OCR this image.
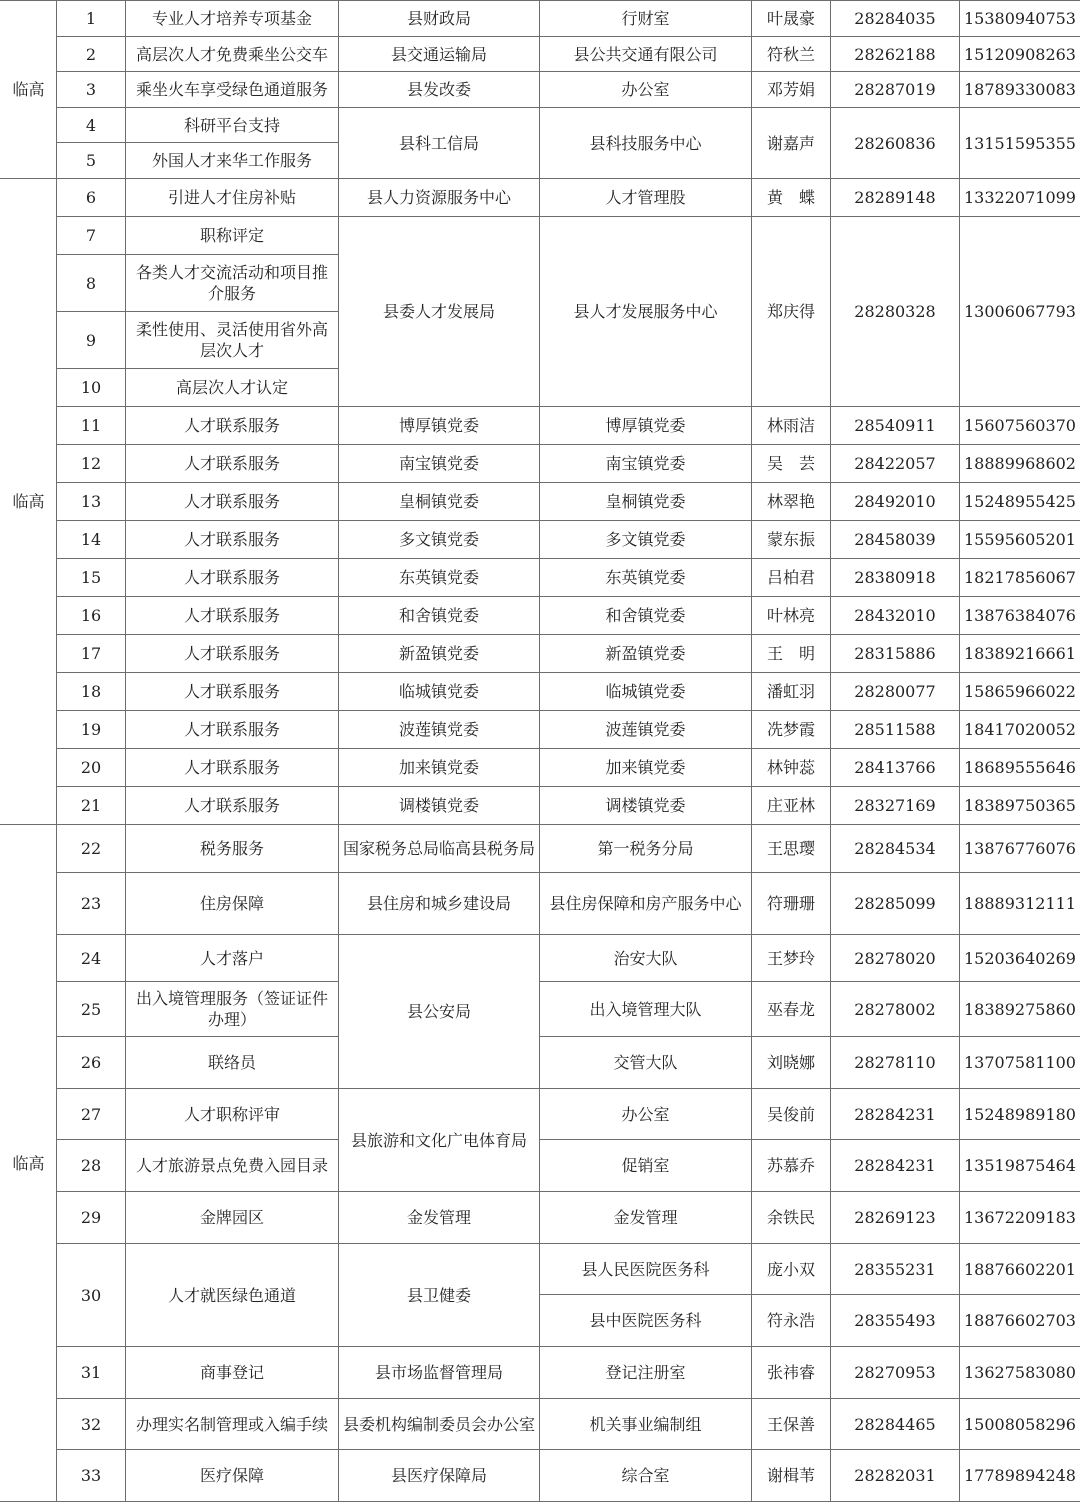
临高	1	专业人才培养专项基金	县财政局	行财室	叶晟豪	28284035	15380940753
	2	高层次人才免费乘坐公交车	县交通运输局	县公共交通有限公司	符秋兰	28262188	15120908263
	3	乘坐火车享受绿色通道服务	县发改委	办公室	邓芳娟	28287019	18789330083
	4	科研平台支持	县科工信局	县科技服务中心	谢嘉声	28260836	13151595355
	5	外国人才来华工作服务					
临高	6	引进人才住房补贴	县人力资源服务中心	人才管理股	黄　蝶	28289148	13322071099
	7	职称评定	县委人才发展局	县人才发展服务中心	郑庆得	28280328	13006067793
	8	各类人才交流活动和项目推介服务					
	9	柔性使用、灵活使用省外高层次人才					
	10	高层次人才认定					
	11	人才联系服务	博厚镇党委	博厚镇党委	林雨洁	28540911	15607560370
	12	人才联系服务	南宝镇党委	南宝镇党委	吴　芸	28422057	18889968602
	13	人才联系服务	皇桐镇党委	皇桐镇党委	林翠艳	28492010	15248955425
	14	人才联系服务	多文镇党委	多文镇党委	蒙东振	28458039	15595605201
	15	人才联系服务	东英镇党委	东英镇党委	吕柏君	28380918	18217856067
	16	人才联系服务	和舍镇党委	和舍镇党委	叶林亮	28432010	13876384076
	17	人才联系服务	新盈镇党委	新盈镇党委	王　明	28315886	18389216661
	18	人才联系服务	临城镇党委	临城镇党委	潘虹羽	28280077	15865966022
	19	人才联系服务	波莲镇党委	波莲镇党委	冼梦霞	28511588	18417020052
	20	人才联系服务	加来镇党委	加来镇党委	林钟蕊	28413766	18689555646
	21	人才联系服务	调楼镇党委	调楼镇党委	庄亚林	28327169	18389750365
临高	22	税务服务	国家税务总局临高县税务局	第一税务分局	王思璎	28284534	13876776076
	23	住房保障	县住房和城乡建设局	县住房保障和房产服务中心	符珊珊	28285099	18889312111
	24	人才落户	县公安局	治安大队	王梦玲	28278020	15203640269
	25	出入境管理服务（签证证件办理）		出入境管理大队	巫春龙	28278002	18389275860
	26	联络员		交管大队	刘晓娜	28278110	13707581100
	27	人才职称评审	县旅游和文化广电体育局	办公室	吴俊前	28284231	15248989180
	28	人才旅游景点免费入园目录		促销室	苏慕乔	28284231	13519875464
	29	金牌园区	金发管理	金发管理	余铁民	28269123	13672209183
	30	人才就医绿色通道	县卫健委	县人民医院医务科	庞小双	28355231	18876602201
				县中医院医务科	符永浩	28355493	18876602703
	31	商事登记	县市场监督管理局	登记注册室	张祎睿	28270953	13627583080
	32	办理实名制管理或入编手续	县委机构编制委员会办公室	机关事业编制组	王保善	28284465	15008058296
	33	医疗保障	县医疗保障局	综合室	谢楫苇	28282031	17789894248
